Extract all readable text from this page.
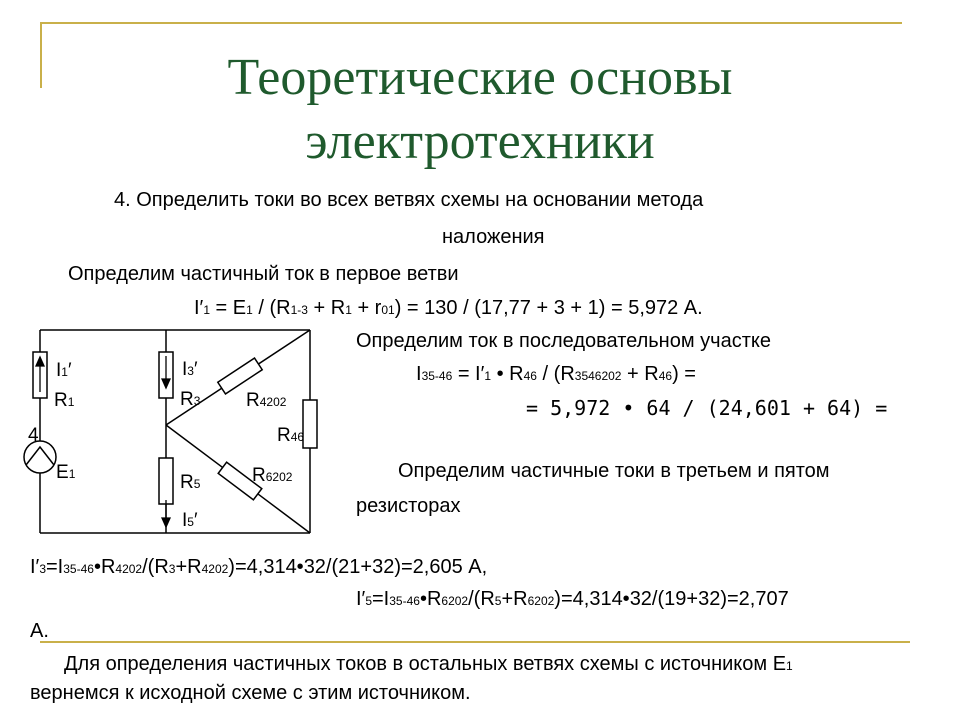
Теоретические основы
электротехники
4. Определить токи во всех ветвях схемы на основании метода
наложения
Определим частичный ток в первое ветви
I′1 = E1 / (R1-3 + R1 + r01) = 130 / (17,77 + 3 + 1) = 5,972 А.
Определим ток в последовательном участке
I35-46 = I′1 • R46 / (R3546202 + R46) =
= 5,972 • 64 / (24,601 + 64) =
Определим частичные токи в третьем и пятом
резисторах
I′3=I35-46•R4202/(R3+R4202)=4,314•32/(21+32)=2,605 А,
I′5=I35-46•R6202/(R5+R6202)=4,314•32/(19+32)=2,707
А.
Для определения частичных токов в остальных ветвях схемы с источником Е1
вернемся к исходной схеме с этим источником.
I1′
R1
4
E1
I3′
R3 R4202
R46
R5	R6202
I5′
